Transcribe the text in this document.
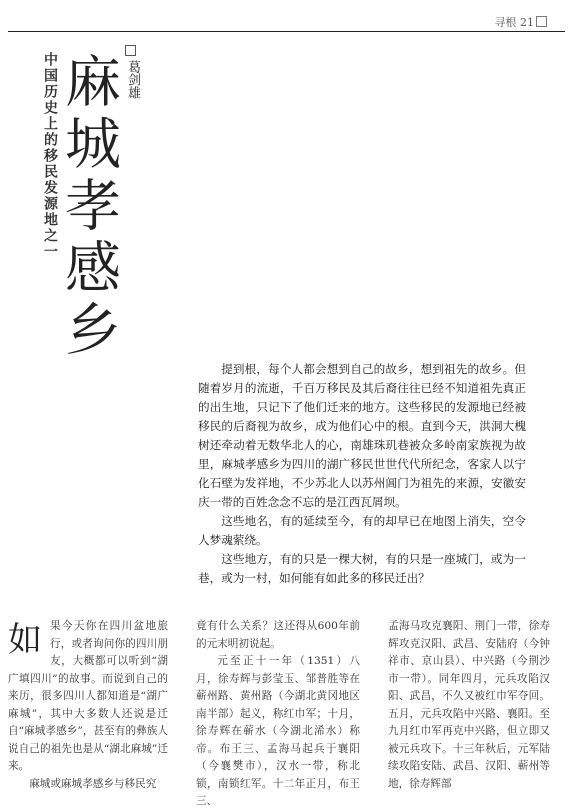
寻根 21
中国历史上的移民发源地之一
麻城孝感乡 葛剑雄

提到根，每个人都会想到自己的故乡，想到祖先的故乡。但随着岁月的流逝，千百万移民及其后裔往往已经不知道祖先真正的出生地，只记下了他们迁来的地方。这些移民的发源地已经被移民的后裔视为故乡，成为他们心中的根。直到今天，洪洞大槐树还牵动着无数华北人的心，南雄珠玑巷被众多岭南家族视为故里，麻城孝感乡为四川的湖广移民世世代代所纪念，客家人以宁化石壁为发祥地，不少苏北人以苏州阊门为祖先的来源，安徽安庆一带的百姓念念不忘的是江西瓦屑坝。

这些地名，有的延续至今，有的却早已在地图上消失，空令人梦魂萦绕。

这些地方，有的只是一棵大树，有的只是一座城门，或为一巷，或为一村，如何能有如此多的移民迁出？

如 果今天你在四川盆地旅行，或者询问你的四川朋友，大概都可以听到“湖广填四川”的故事。而说到自己的来历，很多四川人都知道是“湖广麻城”，其中大多数人还说是迁自“麻城孝感乡”，甚至有的彝族人说自己的祖先也是从“湖北麻城”迁来。

麻城或麻城孝感乡与移民究

竟有什么关系？这还得从600年前的元末明初说起。

元至正十一年（1351）八月，徐寿辉与彭莹玉、邹普胜等在蕲州路、黄州路（今湖北黄冈地区南半部）起义，称红巾军；十月，徐寿辉在蕲水（今湖北浠水）称帝。布王三、孟海马起兵于襄阳（今襄樊市），汉水一带，称北锁，南锁红军。十二年正月，布王三、

孟海马攻克襄阳、荆门一带，徐寿辉攻克汉阳、武昌、安陆府（今钟祥市、京山县）、中兴路（今荆沙市一带）。同年四月，元兵攻陷汉阳、武昌，不久又被红巾军夺回。五月，元兵攻陷中兴路、襄阳。至九月红巾军再克中兴路，但立即又被元兵攻下。十三年秋后，元军陆续攻陷安陆、武昌、汉阳、蕲州等地，徐寿辉部
